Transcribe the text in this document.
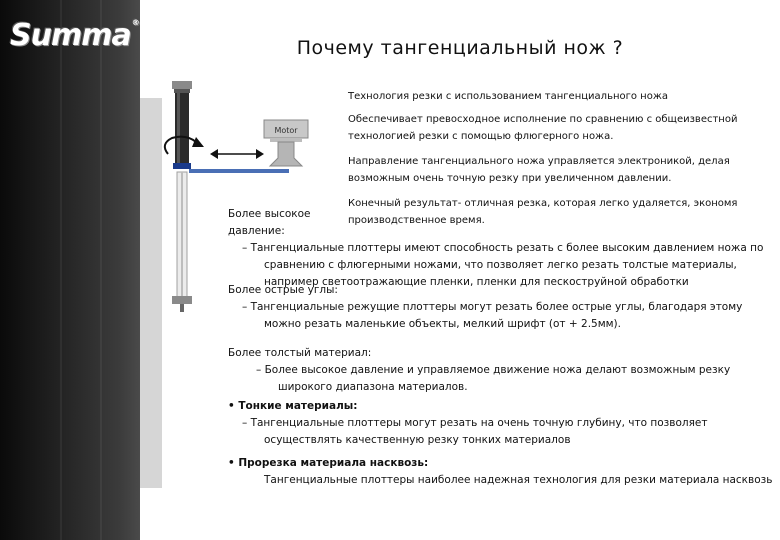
Summa®
Почему тангенциальный нож ?
Motor
Технология резки с использованием тангенциального ножа
Обеспечивает превосходное исполнение по сравнению с общеизвестной технологией резки с помощью флюгерного ножа.
Направление тангенциального ножа управляется электроникой, делая возможным очень точную резку при увеличенном давлении.
Конечный результат- отличная резка, которая легко удаляется, экономя производственное время.
Более высокое давление:
– Тангенциальные плоттеры имеют способность резать с более высоким давлением ножа по сравнению с флюгерными ножами, что позволяет легко резать толстые материалы, например светоотражающие пленки, пленки для пескоструйной обработки
Более острые углы:
– Тангенциальные режущие плоттеры могут резать более острые углы, благодаря этому можно резать маленькие объекты, мелкий шрифт (от + 2.5мм).
Более толстый материал:
– Более высокое давление и управляемое движение ножа делают возможным резку широкого диапазона материалов.
• Тонкие материалы:
– Тангенциальные плоттеры могут резать на очень точную глубину, что позволяет осуществлять качественную резку тонких материалов
• Прорезка материала насквозь:
Тангенциальные плоттеры наиболее надежная технология для резки материала насквозь
